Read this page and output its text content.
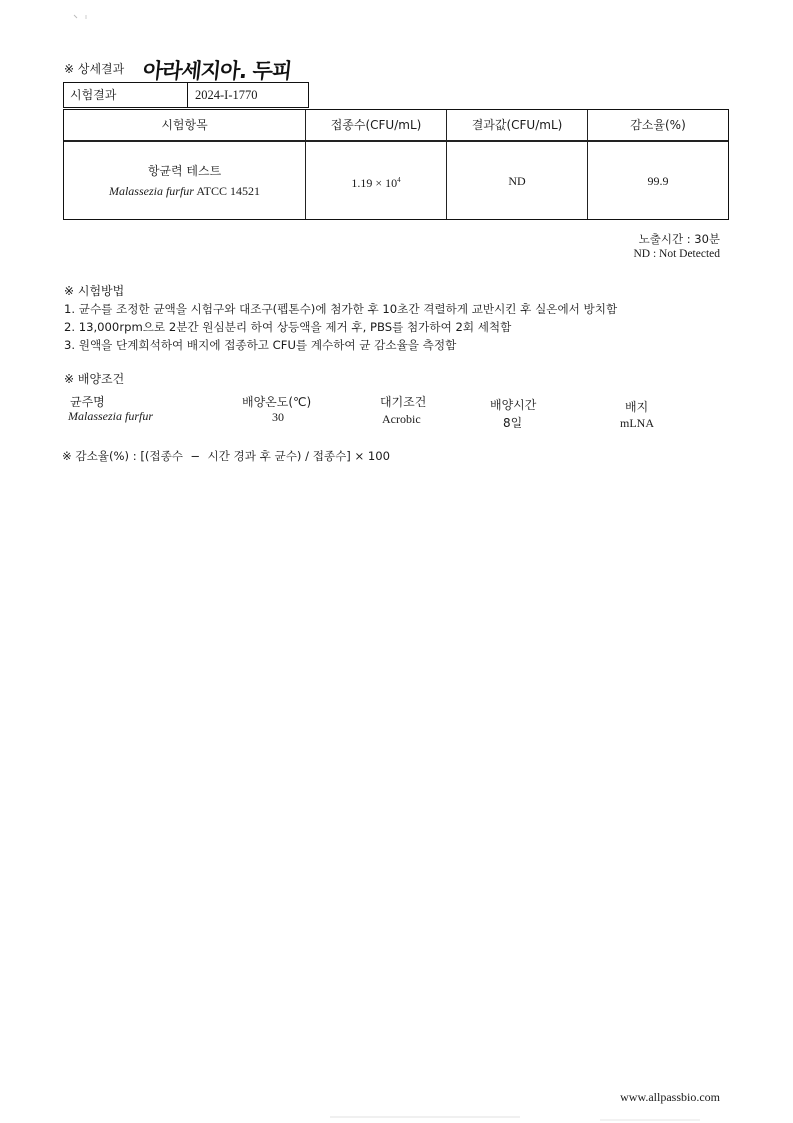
※ 상세결과 아라세지아. 두피
시험결과	2024-I-1770
시험항목	접종수(CFU/mL)	결과값(CFU/mL)	감소율(%)
항균력 테스트
Malassezia furfur ATCC 14521
$1.19 \times 10^4$	ND	99.9
노출시간 : 30분
ND : Not Detected
※ 시험방법
1. 균수를 조정한 균액을 시험구와 대조구(펩톤수)에 첨가한 후 10초간 격렬하게 교반시킨 후 실온에서 방치함
2. 13,000rpm으로 2분간 원심분리 하여 상등액을 제거 후, PBS를 첨가하여 2회 세척함
3. 원액을 단계희석하여 배지에 접종하고 CFU를 계수하여 균 감소율을 측정함
※ 배양조건
균주명	배양온도(℃)	대기조건	배양시간	배지
Malassezia furfur	30	Acrobic	8일	mLNA
※ 감소율(%) : [(접종수  −  시간 경과 후 균수) / 접종수] × 100
www.allpassbio.com
